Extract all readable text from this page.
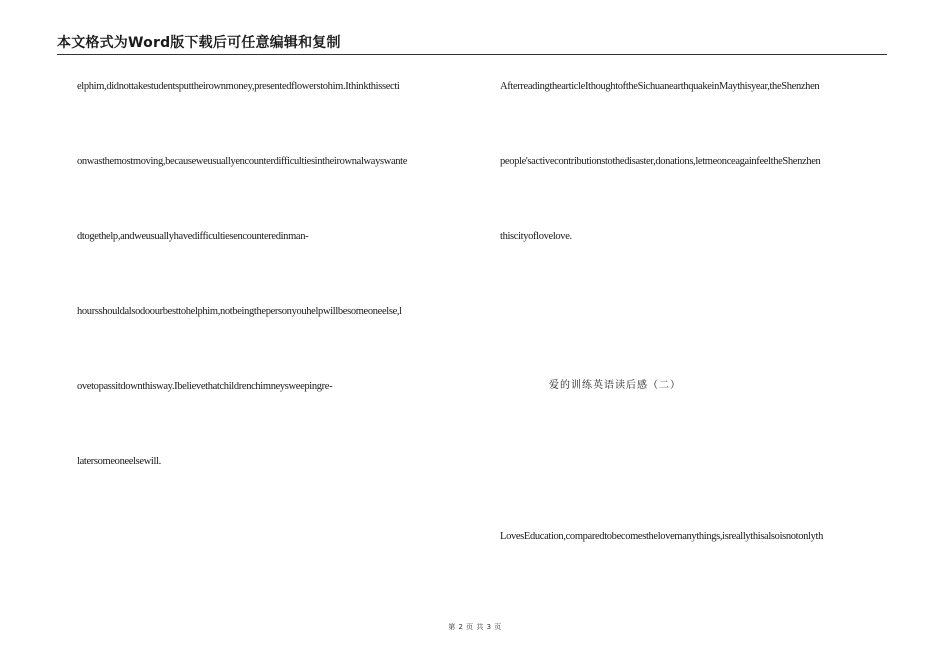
本文格式为Word版下载后可任意编辑和复制
elphim,didnottakestudentsputtheirownmoney,presentedflowerstohim.Ithinkthissecti
onwasthemostmoving,becauseweusuallyencounterdifficultiesintheirownalwayswante
dtogethelp,andweusuallyhavedifficultiesencounteredinman-
hoursshouldalsodoourbesttohelphim,notbeingthepersonyouhelpwillbesomeoneelse,l
ovetopassitdownthisway.Ibelievethatchildrenchimneysweepingre-
latersomeoneelsewill.
AfterreadingthearticleIthoughtoftheSichuanearthquakeinMaythisyear,theShenzhen
people'sactivecontributionstothedisaster,donations,letmeonceagainfeeltheShenzhen
thiscityoflovelove.
LovesEducation,comparedtobecomesthelovemanythings,isreallythisalsoisnotonlyth
爱的训练英语读后感（二）
第 2 页 共 3 页
